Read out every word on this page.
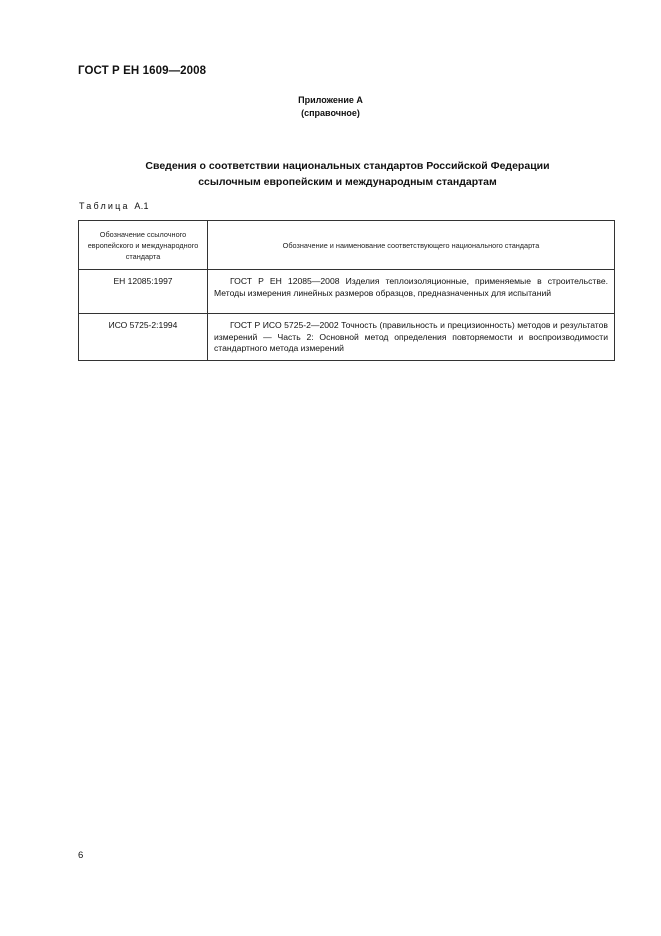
ГОСТ Р ЕН 1609—2008
Приложение А
(справочное)
Сведения о соответствии национальных стандартов Российской Федерации
ссылочным европейским и международным стандартам
Таблица А.1
Обозначение ссылочного европейского и международного стандарта	Обозначение и наименование соответствующего национального стандарта
ЕН 12085:1997	ГОСТ Р ЕН 12085—2008 Изделия теплоизоляционные, применяемые в строительстве. Методы измерения линейных размеров образцов, предназначенных для испытаний
ИСО 5725-2:1994	ГОСТ Р ИСО 5725-2—2002 Точность (правильность и прецизионность) методов и результатов измерений — Часть 2: Основной метод определения повторяемости и воспроизводимости стандартного метода измерений
6
